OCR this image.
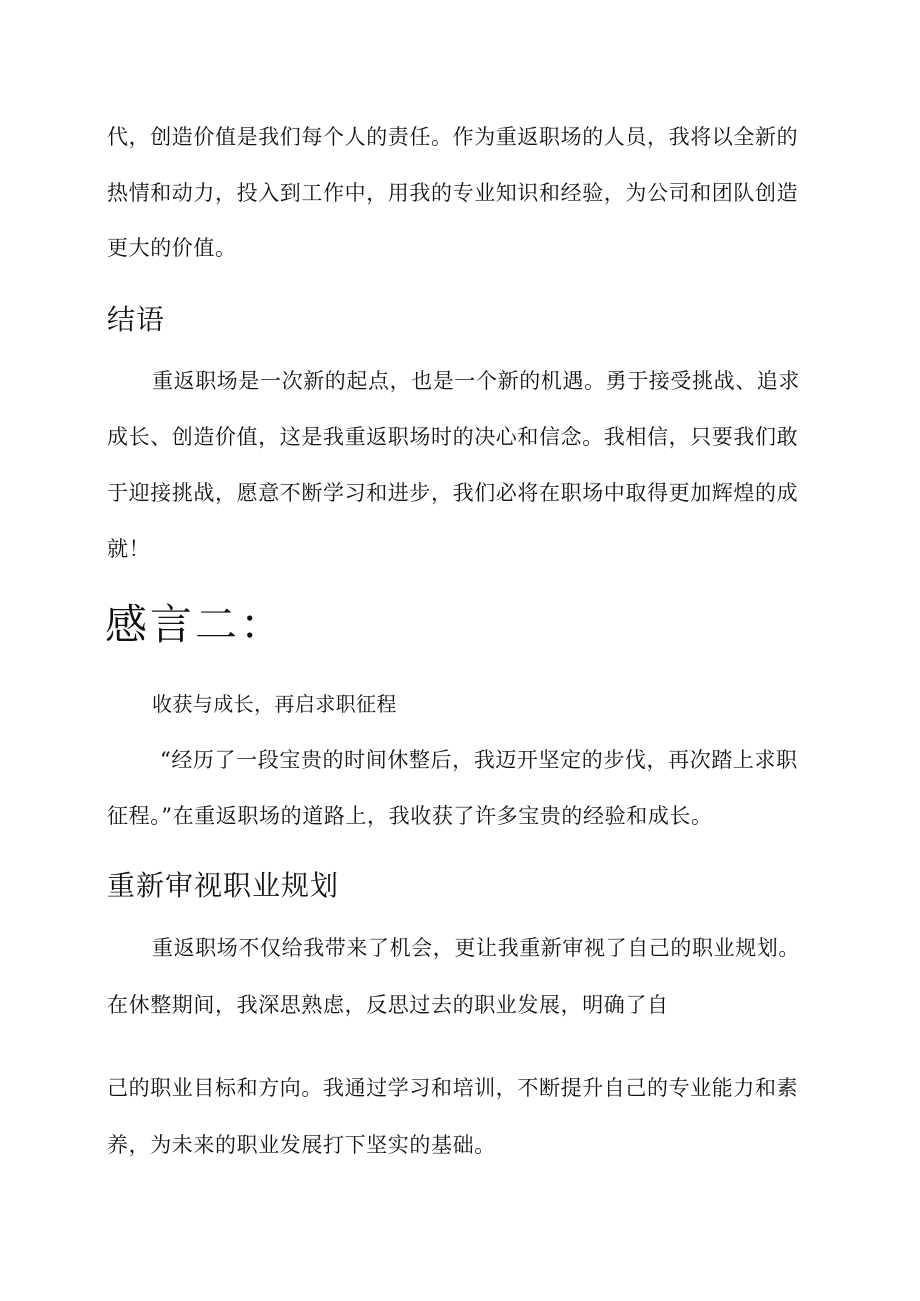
代，创造价值是我们每个人的责任。作为重返职场的人员，我将以全新的
热情和动力，投入到工作中，用我的专业知识和经验，为公司和团队创造
更大的价值。
结语
重返职场是一次新的起点，也是一个新的机遇。勇于接受挑战、追求
成长、创造价值，这是我重返职场时的决心和信念。我相信，只要我们敢
于迎接挑战，愿意不断学习和进步，我们必将在职场中取得更加辉煌的成
就！
感言二：
收获与成长，再启求职征程
“经历了一段宝贵的时间休整后，我迈开坚定的步伐，再次踏上求职
征程。”在重返职场的道路上，我收获了许多宝贵的经验和成长。
重新审视职业规划
重返职场不仅给我带来了机会，更让我重新审视了自己的职业规划。
在休整期间，我深思熟虑，反思过去的职业发展，明确了自
己的职业目标和方向。我通过学习和培训，不断提升自己的专业能力和素
养，为未来的职业发展打下坚实的基础。
